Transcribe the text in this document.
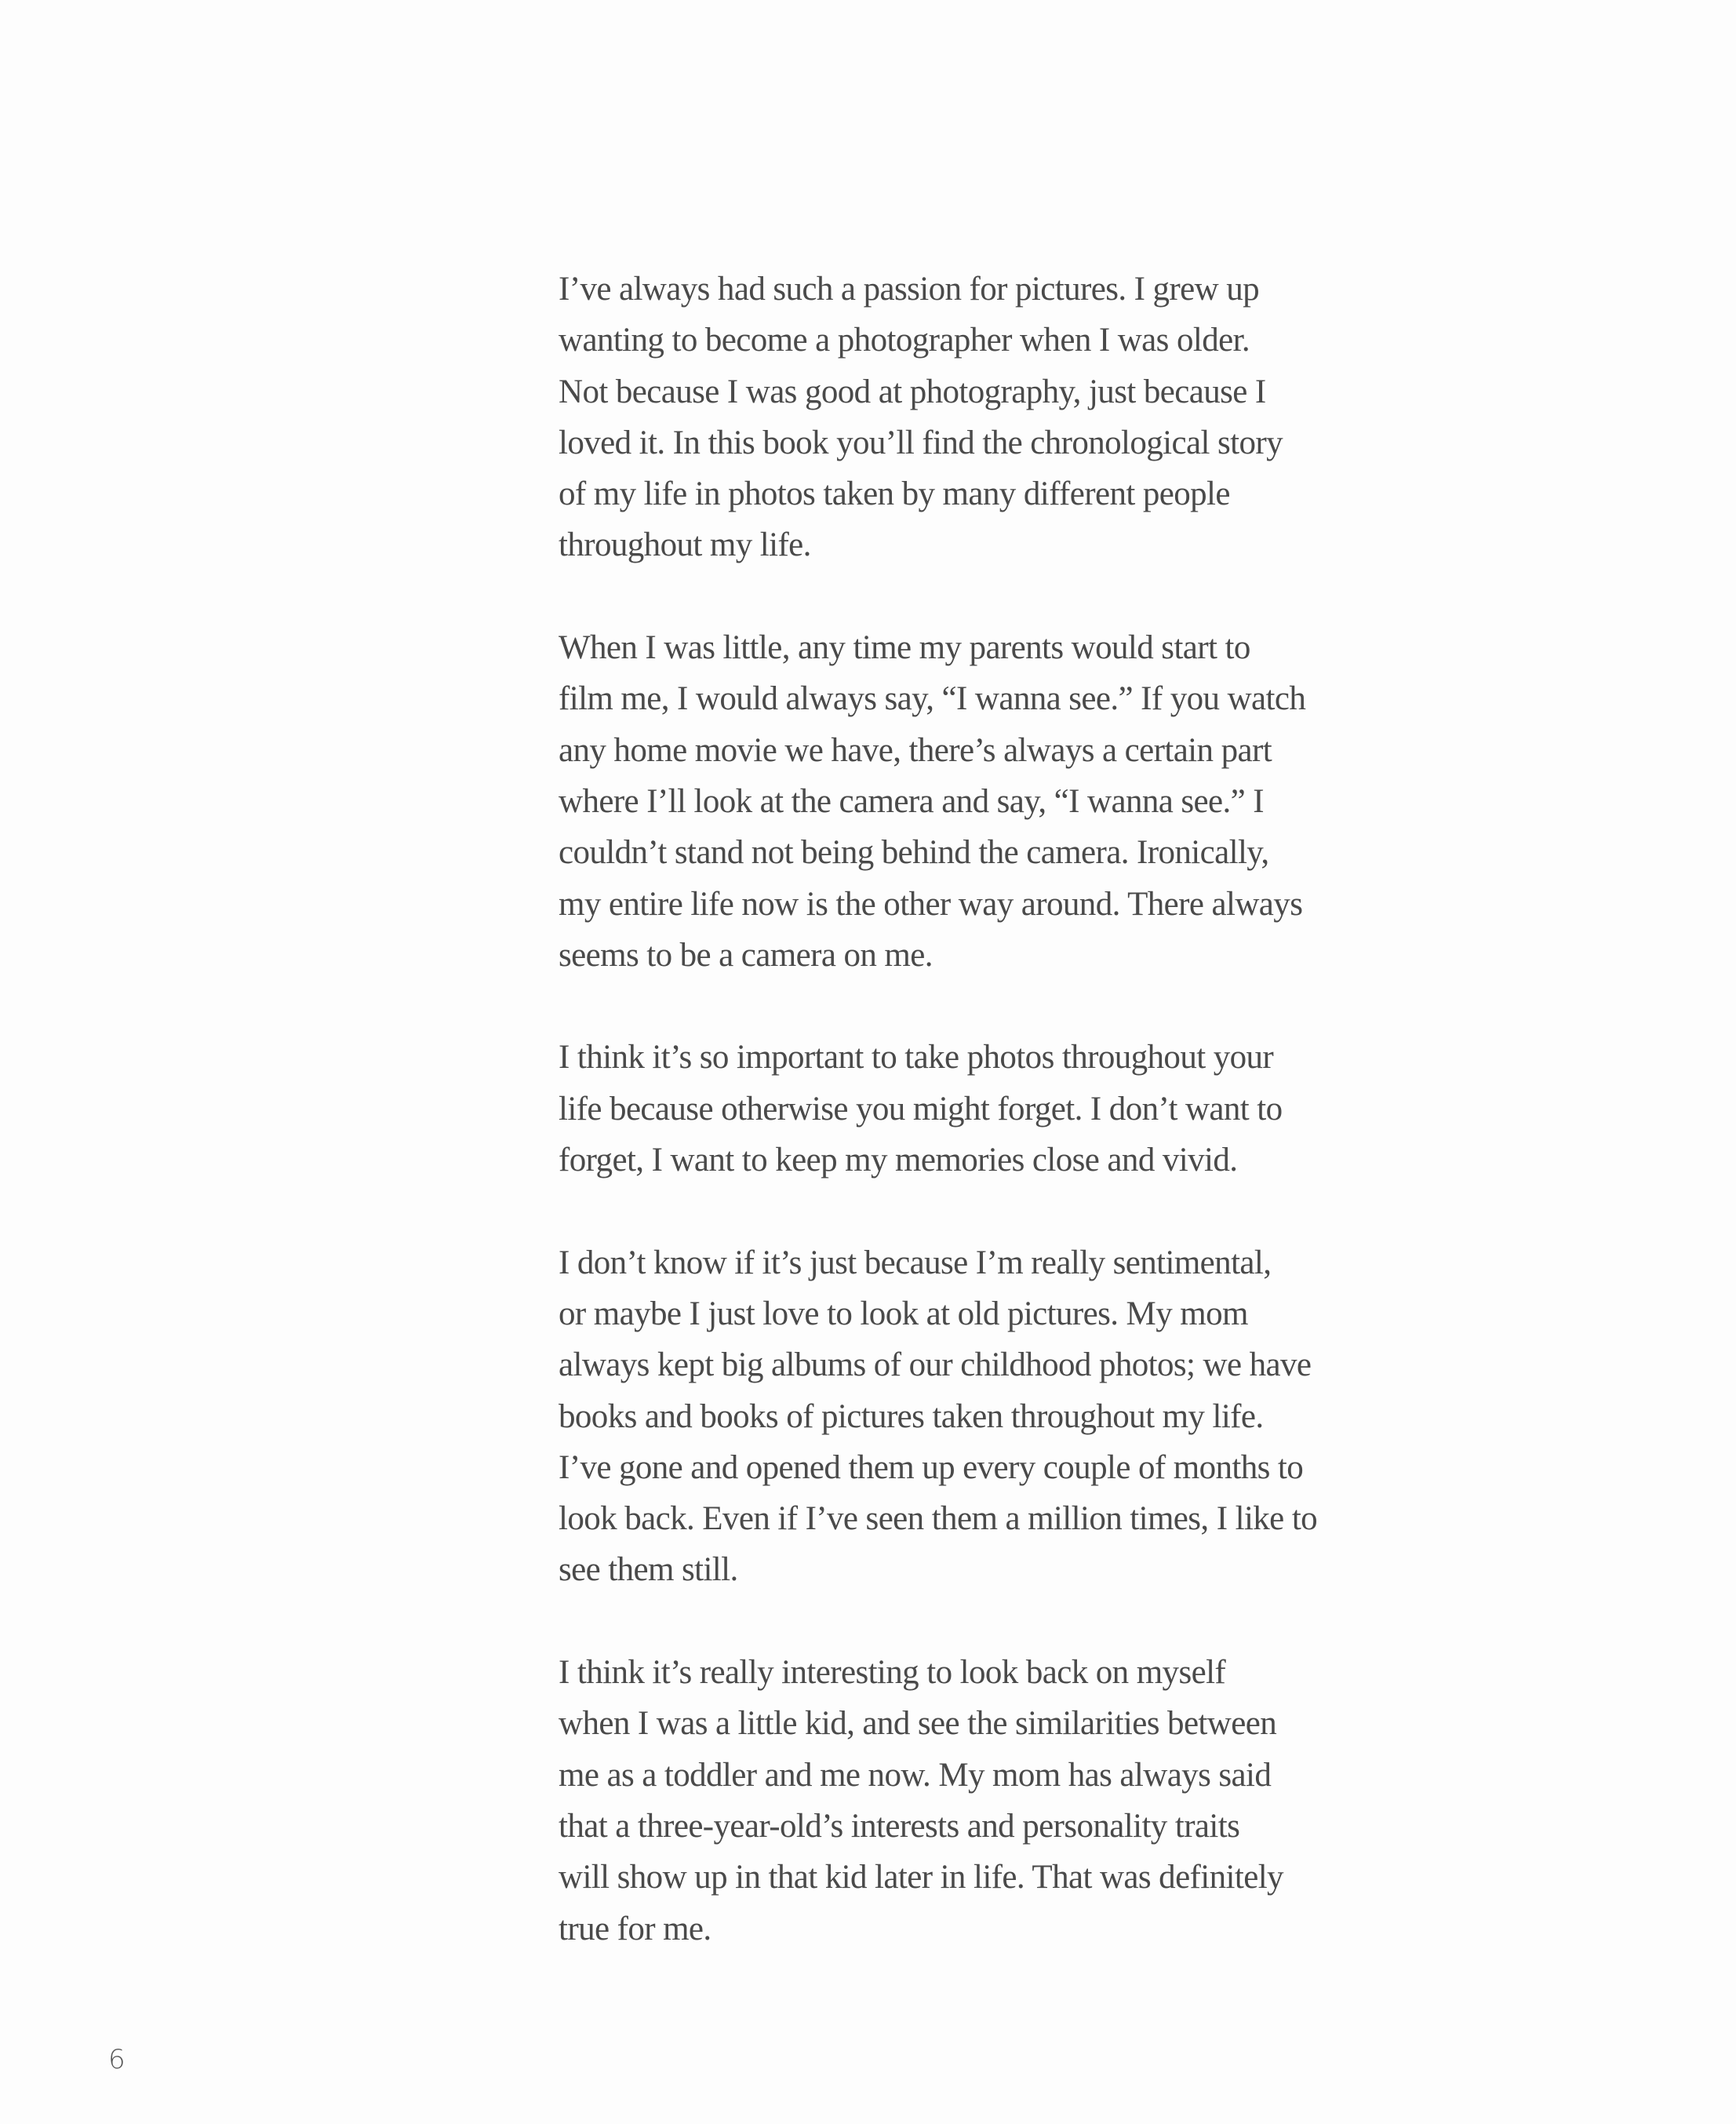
I’ve always had such a passion for pictures. I grew up
wanting to become a photographer when I was older.
Not because I was good at photography, just because I
loved it. In this book you’ll find the chronological story
of my life in photos taken by many different people
throughout my life.

When I was little, any time my parents would start to
film me, I would always say, “I wanna see.” If you watch
any home movie we have, there’s always a certain part
where I’ll look at the camera and say, “I wanna see.” I
couldn’t stand not being behind the camera. Ironically,
my entire life now is the other way around. There always
seems to be a camera on me.

I think it’s so important to take photos throughout your
life because otherwise you might forget. I don’t want to
forget, I want to keep my memories close and vivid.

I don’t know if it’s just because I’m really sentimental,
or maybe I just love to look at old pictures. My mom
always kept big albums of our childhood photos; we have
books and books of pictures taken throughout my life.
I’ve gone and opened them up every couple of months to
look back. Even if I’ve seen them a million times, I like to
see them still.

I think it’s really interesting to look back on myself
when I was a little kid, and see the similarities between
me as a toddler and me now. My mom has always said
that a three-year-old’s interests and personality traits
will show up in that kid later in life. That was definitely
true for me.

6
